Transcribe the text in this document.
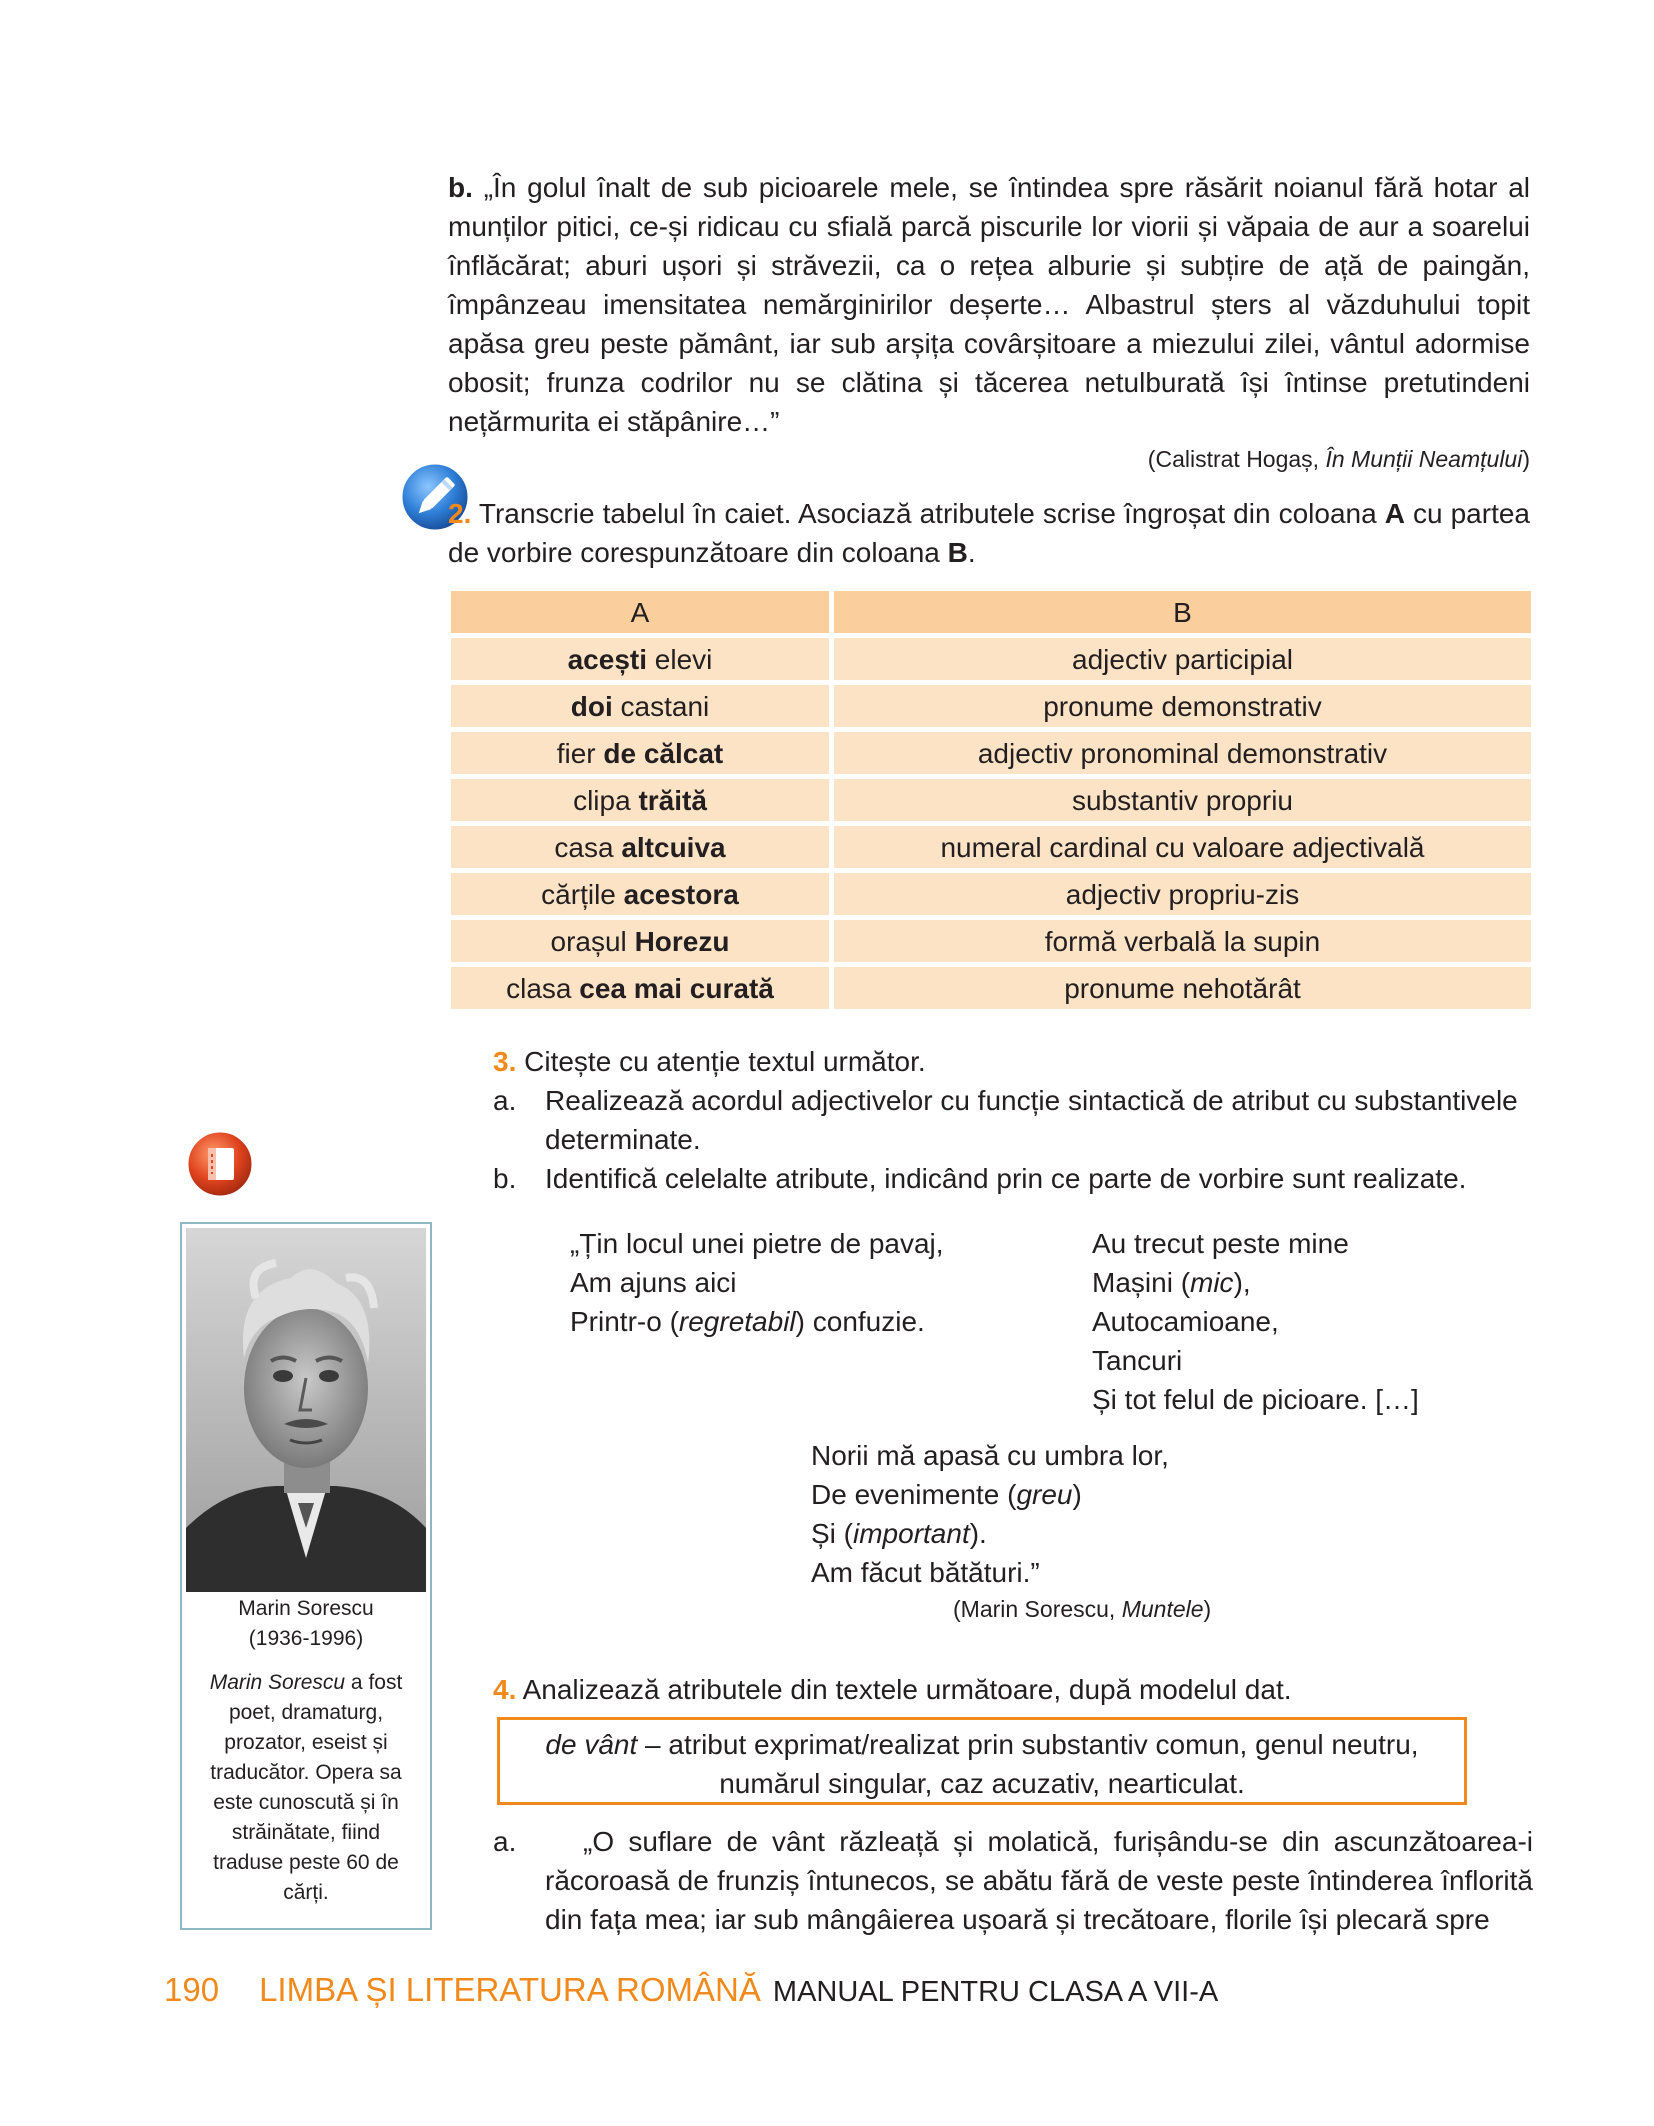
b. „În golul înalt de sub picioarele mele, se întindea spre răsărit noianul fără hotar al munților pitici, ce-și ridicau cu sfială parcă piscurile lor viorii și văpaia de aur a soarelui înflăcărat; aburi ușori și străvezii, ca o rețea alburie și subțire de ață de paingăn, împânzeau imensitatea nemărginirilor deșerte… Albastrul șters al văzduhului topit apăsa greu peste pământ, iar sub arșița covârșitoare a miezului zilei, vântul adormise obosit; frunza codrilor nu se clătina și tăcerea netulburată își întinse pretutindeni nețărmurita ei stăpânire…”
(Calistrat Hogaș, În Munții Neamțului)
2. Transcrie tabelul în caiet. Asociază atributele scrise îngroșat din coloana A cu partea de vorbire corespunzătoare din coloana B.
A	B
acești elevi	adjectiv participial
doi castani	pronume demonstrativ
fier de călcat	adjectiv pronominal demonstrativ
clipa trăită	substantiv propriu
casa altcuiva	numeral cardinal cu valoare adjectivală
cărțile acestora	adjectiv propriu-zis
orașul Horezu	formă verbală la supin
clasa cea mai curată	pronume nehotărât
3. Citește cu atenție textul următor.
a. Realizează acordul adjectivelor cu funcție sintactică de atribut cu substantivele determinate.
b. Identifică celelalte atribute, indicând prin ce parte de vorbire sunt realizate.
„Țin locul unei pietre de pavaj,
Am ajuns aici
Printr-o (regretabil) confuzie.
Au trecut peste mine
Mașini (mic),
Autocamioane,
Tancuri
Și tot felul de picioare. […]
Norii mă apasă cu umbra lor,
De evenimente (greu)
Și (important).
Am făcut bătături.”
(Marin Sorescu, Muntele)
Marin Sorescu
(1936-1996)
Marin Sorescu a fost poet, dramaturg, prozator, eseist și traducător. Opera sa este cunoscută și în străinătate, fiind traduse peste 60 de cărți.
4. Analizează atributele din textele următoare, după modelul dat.
de vânt – atribut exprimat/realizat prin substantiv comun, genul neutru, numărul singular, caz acuzativ, nearticulat.
a.	„O suflare de vânt răzleață și molatică, furișându-se din ascunzătoarea-i răcoroasă de frunziș întunecos, se abătu fără de veste peste întinderea înflorită din fața mea; iar sub mângâierea ușoară și trecătoare, florile își plecară spre
190 LIMBA ȘI LITERATURA ROMÂNĂ MANUAL PENTRU CLASA A VII-A
